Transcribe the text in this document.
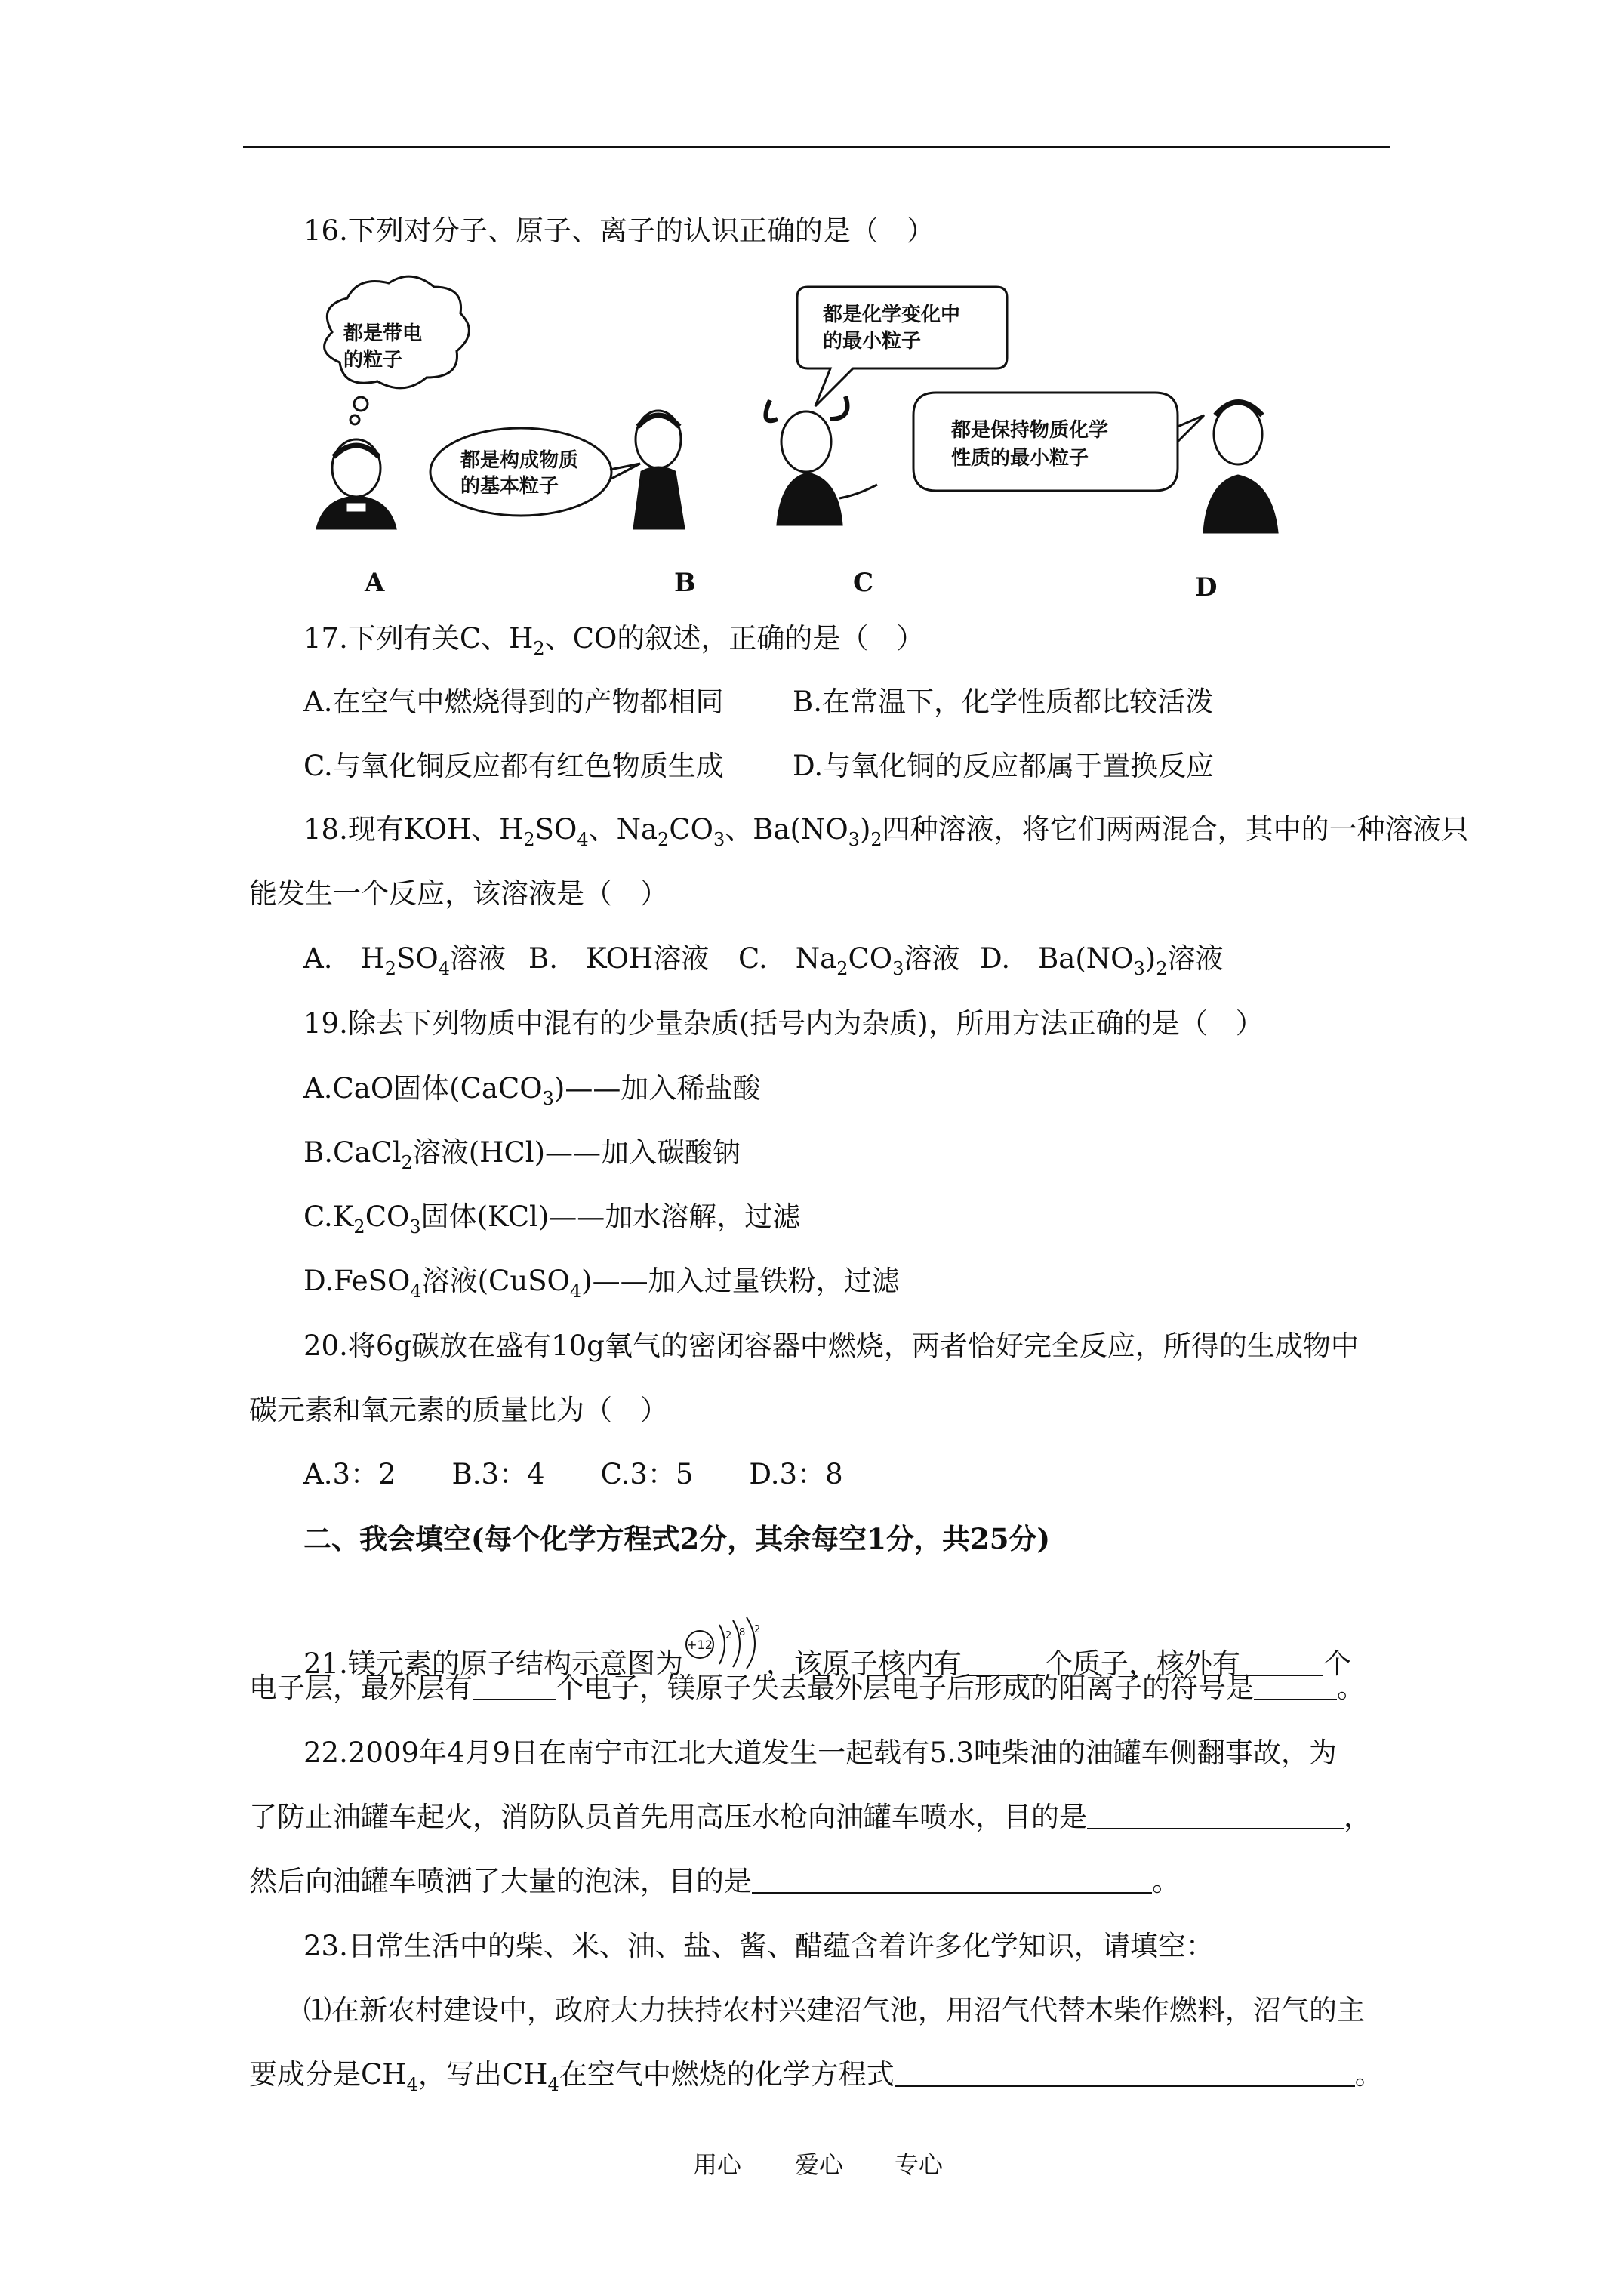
16.下列对分子、原子、离子的认识正确的是（　）
都是带电
的粒子
都是构成物质
的基本粒子
都是化学变化中
的最小粒子
都是保持物质化学
性质的最小粒子
A	B	C	D
17.下列有关C、$H_2$、CO的叙述，正确的是（　）
A.在空气中燃烧得到的产物都相同 B.在常温下，化学性质都比较活泼
C.与氧化铜反应都有红色物质生成 D.与氧化铜的反应都属于置换反应
18.现有KOH、$H_2SO_4$、$Na_2CO_3$、$Ba(NO_3)_2$四种溶液，将它们两两混合，其中的一种溶液只
能发生一个反应，该溶液是（　）
A.　$H_2SO_4$溶液 B.　KOH溶液 C.　$Na_2CO_3$溶液 D.　$Ba(NO_3)_2$溶液
19.除去下列物质中混有的少量杂质(括号内为杂质)，所用方法正确的是（　）
A.CaO固体(CaCO$_3$)——加入稀盐酸
B.CaCl$_2$溶液(HCl)——加入碳酸钠
$C.K_2CO_3$固体(KCl)——加水溶解，过滤
D.FeSO$_4$溶液(CuSO$_4$)——加入过量铁粉，过滤
20.将6g碳放在盛有10g氧气的密闭容器中燃烧，两者恰好完全反应，所得的生成物中
碳元素和氧元素的质量比为（　）
A.3：2　　B.3：4　　C.3：5　　D.3：8
二、我会填空(每个化学方程式2分，其余每空1分，共25分)
21.镁元素的原子结构示意图为
+12
2 8 2
，该原子核内有	个质子，核外有	个
电子层，最外层有	个电子，镁原子失去最外层电子后形成的阳离子的符号是	。
22.2009年4月9日在南宁市江北大道发生一起载有5.3吨柴油的油罐车侧翻事故，为
了防止油罐车起火，消防队员首先用高压水枪向油罐车喷水，目的是	，
然后向油罐车喷洒了大量的泡沫，目的是	。
23.日常生活中的柴、米、油、盐、酱、醋蕴含着许多化学知识，请填空：
⑴在新农村建设中，政府大力扶持农村兴建沼气池，用沼气代替木柴作燃料，沼气的主
要成分是$CH_4$，写出$CH_4$在空气中燃烧的化学方程式	。
用心 爱心 专心
